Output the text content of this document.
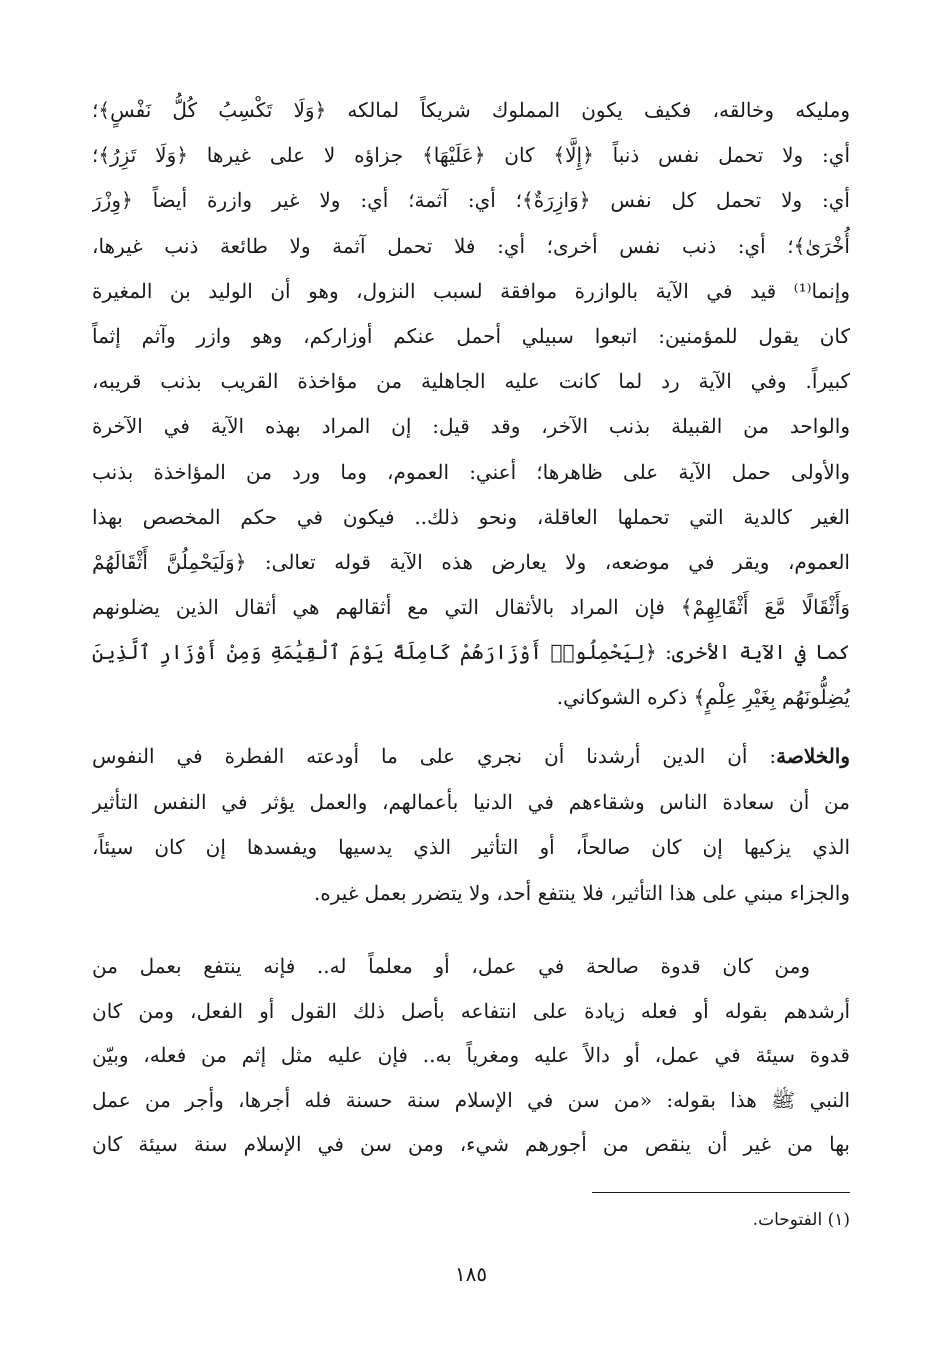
ومليكه وخالقه، فكيف يكون المملوك شريكاً لمالكه ﴿وَلَا تَكْسِبُ كُلُّ نَفْسٍ﴾؛
أي: ولا تحمل نفس ذنباً ﴿إِلَّا﴾ كان ﴿عَلَيْهَا﴾ جزاؤه لا على غيرها ﴿وَلَا تَزِرُ﴾؛
أي: ولا تحمل كل نفس ﴿وَازِرَةٌ﴾؛ أي: آثمة؛ أي: ولا غير وازرة أيضاً ﴿وِزْرَ
أُخْرَىٰ﴾؛ أي: ذنب نفس أخرى؛ أي: فلا تحمل آثمة ولا طائعة ذنب غيرها،
وإنما⁽¹⁾ قيد في الآية بالوازرة موافقة لسبب النزول، وهو أن الوليد بن المغيرة
كان يقول للمؤمنين: اتبعوا سبيلي أحمل عنكم أوزاركم، وهو وازر وآثم إثماً
كبيراً. وفي الآية رد لما كانت عليه الجاهلية من مؤاخذة القريب بذنب قريبه،
والواحد من القبيلة بذنب الآخر، وقد قيل: إن المراد بهذه الآية في الآخرة
والأولى حمل الآية على ظاهرها؛ أعني: العموم، وما ورد من المؤاخذة بذنب
الغير كالدية التي تحملها العاقلة، ونحو ذلك.. فيكون في حكم المخصص بهذا
العموم، ويقر في موضعه، ولا يعارض هذه الآية قوله تعالى: ﴿وَلَيَحْمِلُنَّ أَثْقَالَهُمْ
وَأَثْقَالًا مَّعَ أَثْقَالِهِمْ﴾ فإن المراد بالأثقال التي مع أثقالهم هي أثقال الذين يضلونهم
كما في الآية الأخرى: ﴿لِيَحْمِلُوا۟ أَوْزَارَهُمْ كَامِلَةً يَوْمَ ٱلْقِيَٰمَةِ وَمِنْ أَوْزَارِ ٱلَّذِينَ
يُضِلُّونَهُم بِغَيْرِ عِلْمٍ﴾ ذكره الشوكاني.
والخلاصة: أن الدين أرشدنا أن نجري على ما أودعته الفطرة في النفوس
من أن سعادة الناس وشقاءهم في الدنيا بأعمالهم، والعمل يؤثر في النفس التأثير
الذي يزكيها إن كان صالحاً، أو التأثير الذي يدسيها ويفسدها إن كان سيئاً،
والجزاء مبني على هذا التأثير، فلا ينتفع أحد، ولا يتضرر بعمل غيره.
ومن كان قدوة صالحة في عمل، أو معلماً له.. فإنه ينتفع بعمل من
أرشدهم بقوله أو فعله زيادة على انتفاعه بأصل ذلك القول أو الفعل، ومن كان
قدوة سيئة في عمل، أو دالاً عليه ومغرياً به.. فإن عليه مثل إثم من فعله، وبيّن
النبي ﷺ هذا بقوله: «من سن في الإسلام سنة حسنة فله أجرها، وأجر من عمل
بها من غير أن ينقص من أجورهم شيء، ومن سن في الإسلام سنة سيئة كان
(١) الفتوحات.
١٨٥
